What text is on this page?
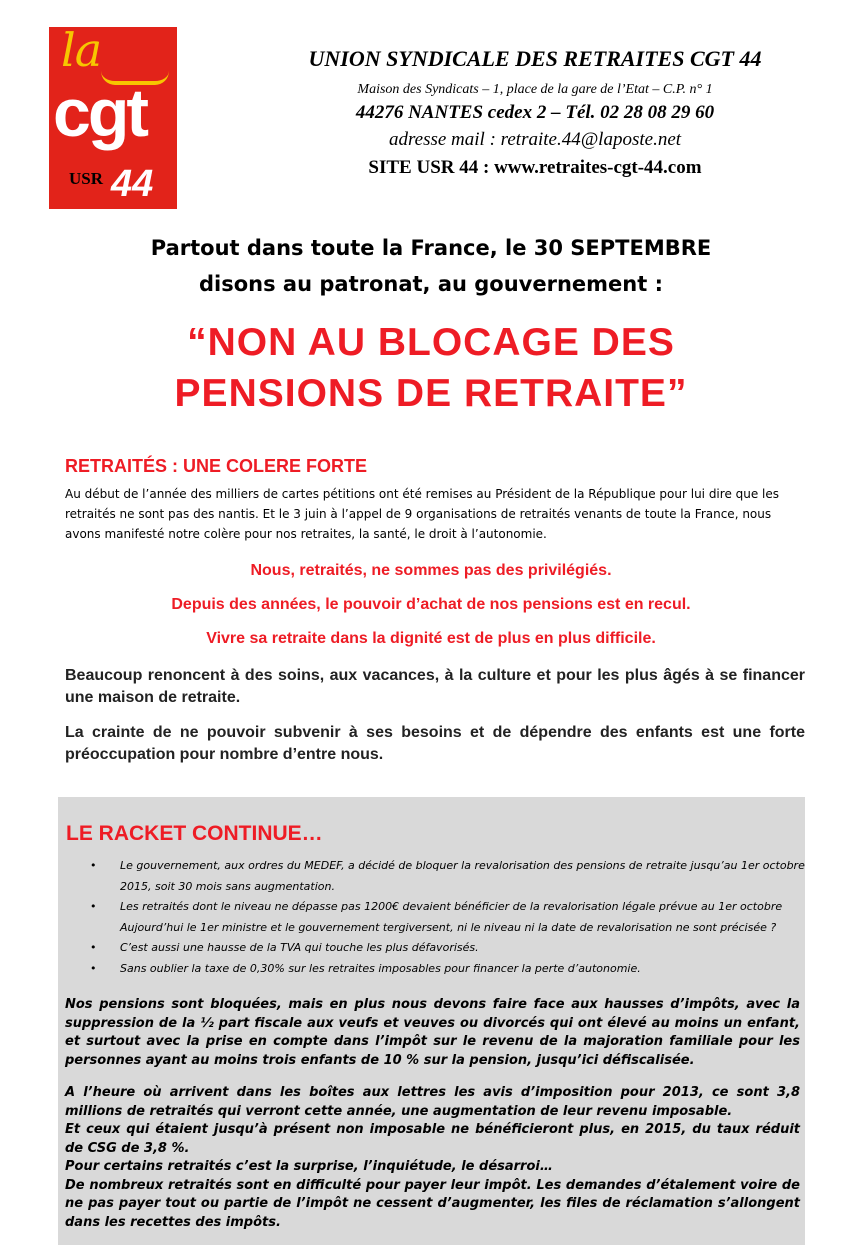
la
cgt
USR 44
UNION SYNDICALE DES RETRAITES CGT 44
Maison des Syndicats – 1, place de la gare de l’Etat – C.P. n° 1
44276 NANTES cedex 2 – Tél. 02 28 08 29 60
adresse mail : retraite.44@laposte.net
SITE USR 44 : www.retraites-cgt-44.com
Partout dans toute la France, le 30 SEPTEMBRE
disons au patronat, au gouvernement :
“NON AU BLOCAGE DES
PENSIONS DE RETRAITE”
RETRAITÉS : UNE COLERE FORTE
Au début de l’année des milliers de cartes pétitions ont été remises au Président de la République pour lui dire que les retraités ne sont pas des nantis. Et le 3 juin à l’appel de 9 organisations de retraités venants de toute la France, nous avons manifesté notre colère pour nos retraites, la santé, le droit à l’autonomie.
Nous, retraités, ne sommes pas des privilégiés.
Depuis des années, le pouvoir d’achat de nos pensions est en recul.
Vivre sa retraite dans la dignité est de plus en plus difficile.
Beaucoup renoncent à des soins, aux vacances, à la culture et pour les plus âgés à se financer une maison de retraite.
La crainte de ne pouvoir subvenir à ses besoins et de dépendre des enfants est une forte préoccupation pour nombre d’entre nous.
LE RACKET CONTINUE…
• Le gouvernement, aux ordres du MEDEF, a décidé de bloquer la revalorisation des pensions de retraite jusqu’au 1er octobre 2015, soit 30 mois sans augmentation.
• Les retraités dont le niveau ne dépasse pas 1200€ devaient bénéficier de la revalorisation légale prévue au 1er octobre Aujourd’hui le 1er ministre et le gouvernement tergiversent, ni le niveau ni la date de revalorisation ne sont précisée ?
• C’est aussi une hausse de la TVA qui touche les plus défavorisés.
• Sans oublier la taxe de 0,30% sur les retraites imposables pour financer la perte d’autonomie.
Nos pensions sont bloquées, mais en plus nous devons faire face aux hausses d’impôts, avec la suppression de la ½ part fiscale aux veufs et veuves ou divorcés qui ont élevé au moins un enfant, et surtout avec la prise en compte dans l’impôt sur le revenu de la majoration familiale pour les personnes ayant au moins trois enfants de 10 % sur la pension, jusqu’ici défiscalisée.
A l’heure où arrivent dans les boîtes aux lettres les avis d’imposition pour 2013, ce sont 3,8 millions de retraités qui verront cette année, une augmentation de leur revenu imposable.
Et ceux qui étaient jusqu’à présent non imposable ne bénéficieront plus, en 2015, du taux réduit de CSG de 3,8 %.
Pour certains retraités c’est la surprise, l’inquiétude, le désarroi…
De nombreux retraités sont en difficulté pour payer leur impôt. Les demandes d’étalement voire de ne pas payer tout ou partie de l’impôt ne cessent d’augmenter, les files de réclamation s’allongent dans les recettes des impôts.
